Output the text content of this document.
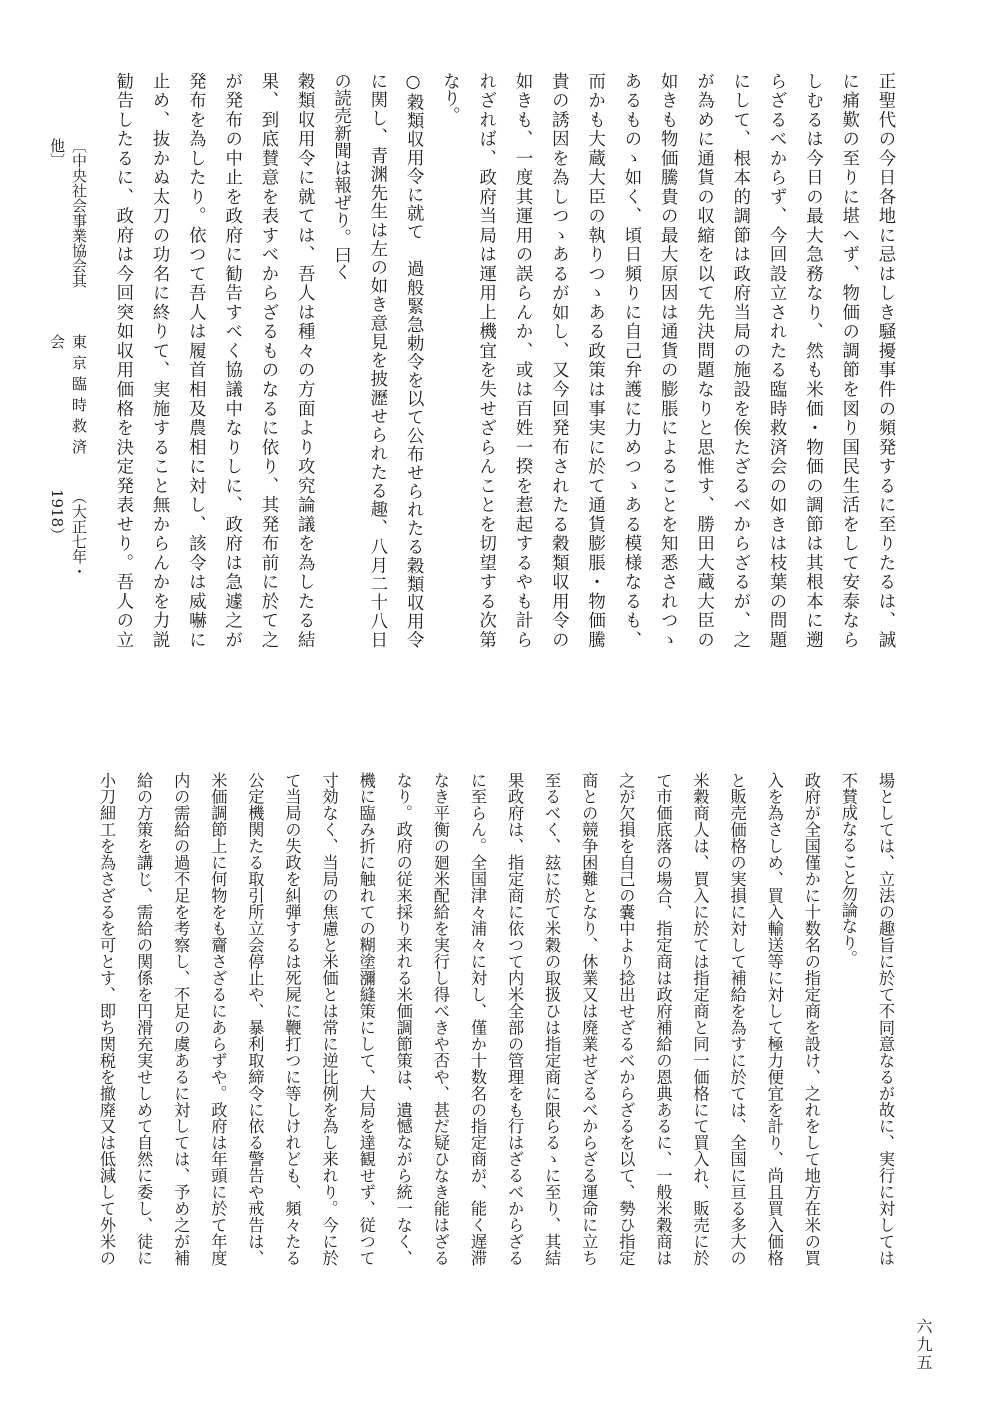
正聖代の今日各地に忌はしき騒擾事件の頻発するに至りたるは、誠
に痛歎の至りに堪へず、物価の調節を図り国民生活をして安泰なら
しむるは今日の最大急務なり、然も米価・物価の調節は其根本に遡
らざるべからず、今回設立されたる臨時救済会の如きは枝葉の問題
にして、根本的調節は政府当局の施設を俟たざるべからざるが、之
が為めに通貨の収縮を以て先決問題なりと思惟す、勝田大蔵大臣の
如きも物価騰貴の最大原因は通貨の膨脹によることを知悉されつゝ
あるものゝ如く、頃日頻りに自己弁護に力めつゝある模様なるも、
而かも大蔵大臣の執りつゝある政策は事実に於て通貨膨脹・物価騰
貴の誘因を為しつゝあるが如し、又今回発布されたる穀類収用令の
如きも、一度其運用の誤らんか、或は百姓一揆を惹起するやも計ら
れざれば、政府当局は運用上機宜を失せざらんことを切望する次第
なり。
○穀類収用令に就て　過般緊急勅令を以て公布せられたる穀類収用令
に関し、青渊先生は左の如き意見を披瀝せられたる趣、八月二十八日
の読売新聞は報ぜり。曰く
穀類収用令に就ては、吾人は種々の方面より攻究論議を為したる結
果、到底賛意を表すべからざるものなるに依り、其発布前に於て之
が発布の中止を政府に勧告すべく協議中なりしに、政府は急遽之が
発布を為したり。依つて吾人は履首相及農相に対し、該令は威嚇に
止め、抜かぬ太刀の功名に終りて、実施すること無からんかを力説
勧告したるに、政府は今回突如収用価格を決定発表せり。吾人の立
〔中央社会事業協会其他〕
東京臨時救済会
（大正七年・1918）
場としては、立法の趣旨に於て不同意なるが故に、実行に対しては
不賛成なること勿論なり。
政府が全国僅かに十数名の指定商を設け、之れをして地方在米の買
入を為さしめ、買入輸送等に対して極力便宜を計り、尚且買入価格
と販売価格の実損に対して補給を為すに於ては、全国に亘る多大の
米穀商人は、買入に於ては指定商と同一価格にて買入れ、販売に於
て市価底落の場合、指定商は政府補給の恩典あるに、一般米穀商は
之が欠損を自己の嚢中より捻出せざるべからざるを以て、勢ひ指定
商との競争困難となり、休業又は廃業せざるべからざる運命に立ち
至るべく、玆に於て米穀の取扱ひは指定商に限らるゝに至り、其結
果政府は、指定商に依つて内米全部の管理をも行はざるべからざる
に至らん。全国津々浦々に対し、僅か十数名の指定商が、能く遅滞
なき平衡の廻米配給を実行し得べきや否や、甚だ疑ひなき能はざる
なり。政府の従来採り来れる米価調節策は、遺憾ながら統一なく、
機に臨み折に触れての糊塗瀰縫策にして、大局を達観せず、従つて
寸効なく、当局の焦慮と米価とは常に逆比例を為し来れり。今に於
て当局の失政を糾弾するは死屍に鞭打つに等しけれども、頻々たる
公定機関たる取引所立会停止や、暴利取締令に依る警告や戒告は、
米価調節上に何物をも齎さざるにあらずや。政府は年頭に於て年度
内の需給の過不足を考察し、不足の虞あるに対しては、予め之が補
給の方策を講じ、需給の関係を円滑充実せしめて自然に委し、徒に
小刀細工を為さざるを可とす、即ち関税を撤廃又は低減して外米の
六九五
